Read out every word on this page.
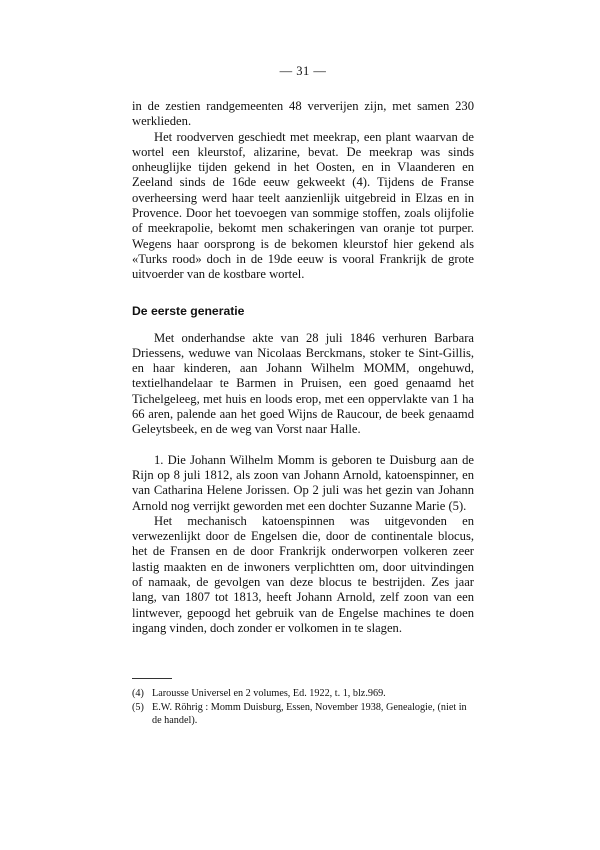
— 31 —

in de zestien randgemeenten 48 ververijen zijn, met samen 230 werklieden.

Het roodverven geschiedt met meekrap, een plant waarvan de wortel een kleurstof, alizarine, bevat. De meekrap was sinds onheuglijke tijden gekend in het Oosten, en in Vlaanderen en Zeeland sinds de 16de eeuw gekweekt (4). Tijdens de Franse overheersing werd haar teelt aanzienlijk uitgebreid in Elzas en in Provence. Door het toevoegen van sommige stoffen, zoals olijfolie of meekrapolie, bekomt men schakeringen van oranje tot purper. Wegens haar oorsprong is de bekomen kleurstof hier gekend als «Turks rood» doch in de 19de eeuw is vooral Frankrijk de grote uitvoerder van de kostbare wortel.

De eerste generatie

Met onderhandse akte van 28 juli 1846 verhuren Barbara Driessens, weduwe van Nicolaas Berckmans, stoker te Sint-Gillis, en haar kinderen, aan Johann Wilhelm MOMM, ongehuwd, textielhandelaar te Barmen in Pruisen, een goed genaamd het Tichelgeleeg, met huis en loods erop, met een oppervlakte van 1 ha 66 aren, palende aan het goed Wijns de Raucour, de beek genaamd Geleytsbeek, en de weg van Vorst naar Halle.

1. Die Johann Wilhelm Momm is geboren te Duisburg aan de Rijn op 8 juli 1812, als zoon van Johann Arnold, katoenspinner, en van Catharina Helene Jorissen. Op 2 juli was het gezin van Johann Arnold nog verrijkt geworden met een dochter Suzanne Marie (5).

Het mechanisch katoenspinnen was uitgevonden en verwezenlijkt door de Engelsen die, door de continentale blocus, het de Fransen en de door Frankrijk onderworpen volkeren zeer lastig maakten en de inwoners verplichtten om, door uitvindingen of namaak, de gevolgen van deze blocus te bestrijden. Zes jaar lang, van 1807 tot 1813, heeft Johann Arnold, zelf zoon van een lintwever, gepoogd het gebruik van de Engelse machines te doen ingang vinden, doch zonder er volkomen in te slagen.

(4) Larousse Universel en 2 volumes, Ed. 1922, t. 1, blz.969.
(5) E.W. Röhrig : Momm Duisburg, Essen, November 1938, Genealogie, (niet in de handel).
